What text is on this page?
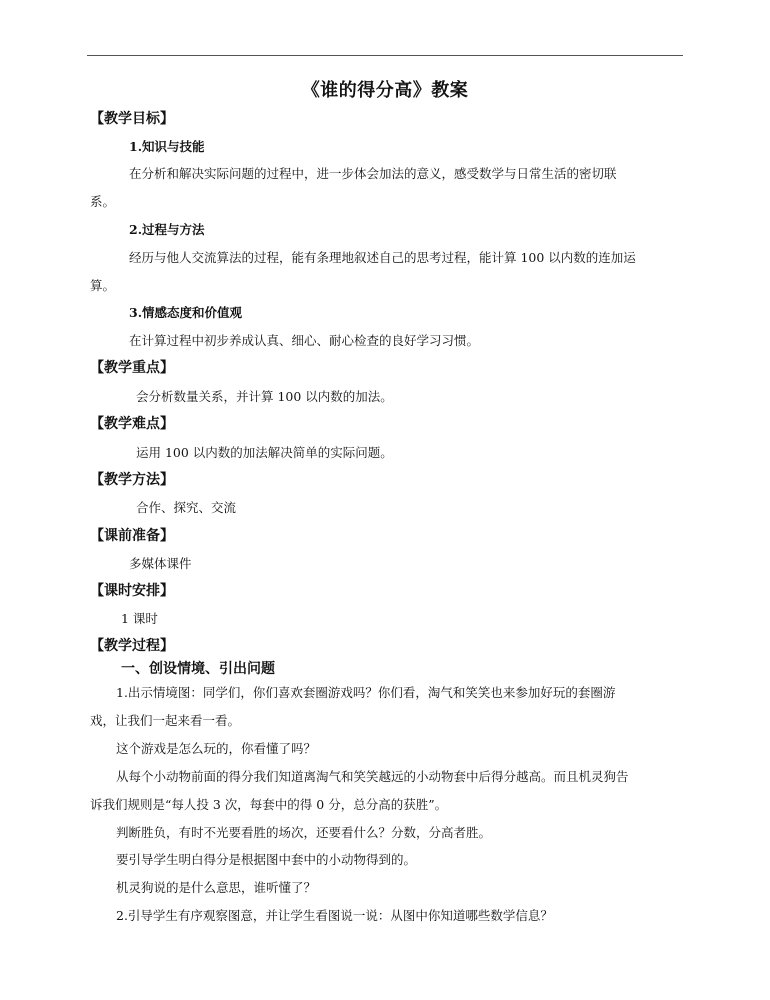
《谁的得分高》教案
【教学目标】
1.知识与技能
在分析和解决实际问题的过程中，进一步体会加法的意义，感受数学与日常生活的密切联
系。
2.过程与方法
经历与他人交流算法的过程，能有条理地叙述自己的思考过程，能计算 100 以内数的连加运
算。
3.情感态度和价值观
在计算过程中初步养成认真、细心、耐心检查的良好学习习惯。
【教学重点】
会分析数量关系，并计算 100 以内数的加法。
【教学难点】
运用 100 以内数的加法解决简单的实际问题。
【教学方法】
合作、探究、交流
【课前准备】
多媒体课件
【课时安排】
1 课时
【教学过程】
一、创设情境、引出问题
1.出示情境图：同学们，你们喜欢套圈游戏吗？你们看，淘气和笑笑也来参加好玩的套圈游
戏，让我们一起来看一看。
这个游戏是怎么玩的，你看懂了吗？
从每个小动物前面的得分我们知道离淘气和笑笑越远的小动物套中后得分越高。而且机灵狗告
诉我们规则是“每人投 3 次，每套中的得 0 分，总分高的获胜”。
判断胜负，有时不光要看胜的场次，还要看什么？分数，分高者胜。
要引导学生明白得分是根据图中套中的小动物得到的。
机灵狗说的是什么意思，谁听懂了？
2.引导学生有序观察图意，并让学生看图说一说：从图中你知道哪些数学信息？
